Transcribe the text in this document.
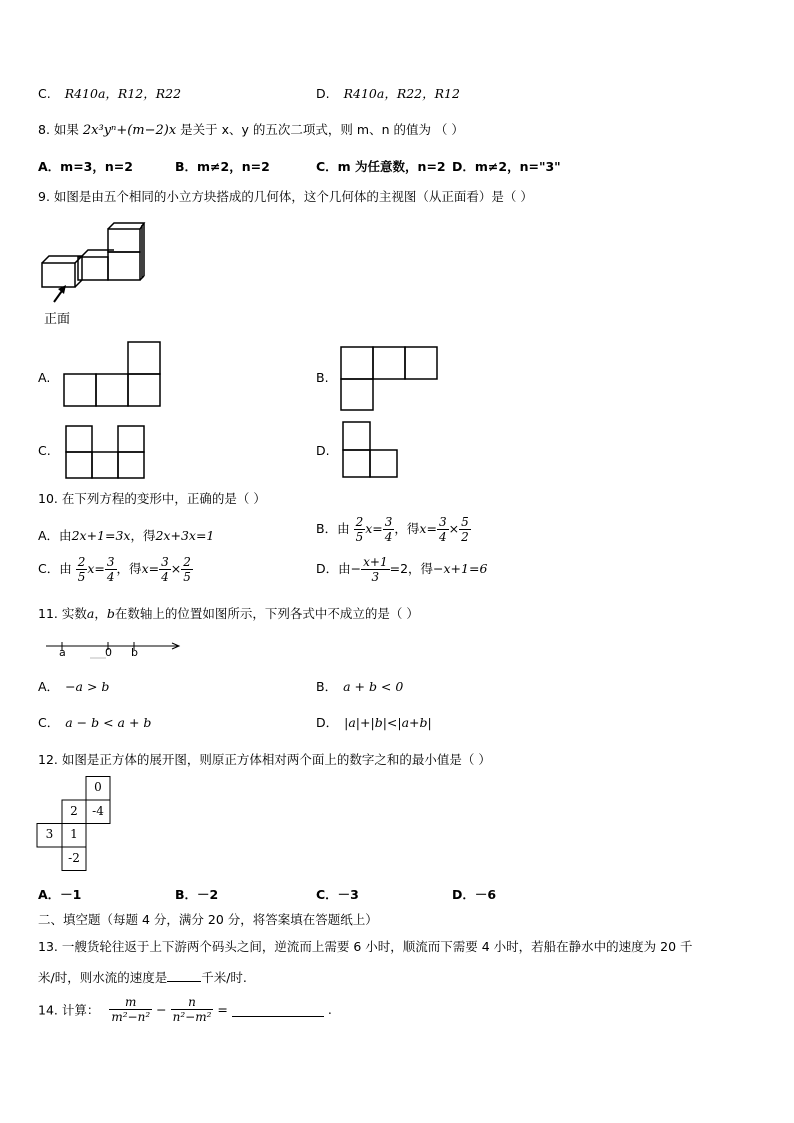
C. R410a，R12，R22	D. R410a，R22，R12
8. 如果 2x³yⁿ+(m−2)x 是关于 x、y 的五次二项式，则 m、n 的值为 （ ）
A．m=3，n=2	B．m≠2，n=2	C．m 为任意数，n=2 D．m≠2，n="3"
9. 如图是由五个相同的小立方块搭成的几何体，这个几何体的主视图（从正面看）是（ ）
正面
A.	B.
C.	D.
10. 在下列方程的变形中，正确的是（ ）
A．由2x+1=3x，得2x+3x=1	B．由 $\frac{2}{5} x= \frac{3}{4}$ ，得$x= \frac{3}{4} \times \frac{5}{2}$
C．由 $\frac{2}{5} x= \frac{3}{4}$ ，得$x= \frac{3}{4} \times \frac{2}{5}$	D．由− $\frac{x+1}{3} =2$，得−x+1=6
11. 实数a，b在数轴上的位置如图所示，下列各式中不成立的是（ ）
a	0 b
A． −a > b	B． a + b < 0
C． a − b < a + b	D． |a|+|b|<|a+b|
12. 如图是正方体的展开图，则原正方体相对两个面上的数字之和的最小值是（ ）
0
2	-4
3	1
-2
A．－1	B．－2	C．－3	D．－6
二、填空题（每题 4 分，满分 20 分，将答案填在答题纸上）
13. 一艘货轮往返于上下游两个码头之间，逆流而上需要 6 小时，顺流而下需要 4 小时，若船在静水中的速度为 20 千
米/时，则水流的速度是	千米/时.
14. 计算： $\frac{m}{\text{m²−n²}} - \frac{n}{\text{n²−m²}}$ =	.
